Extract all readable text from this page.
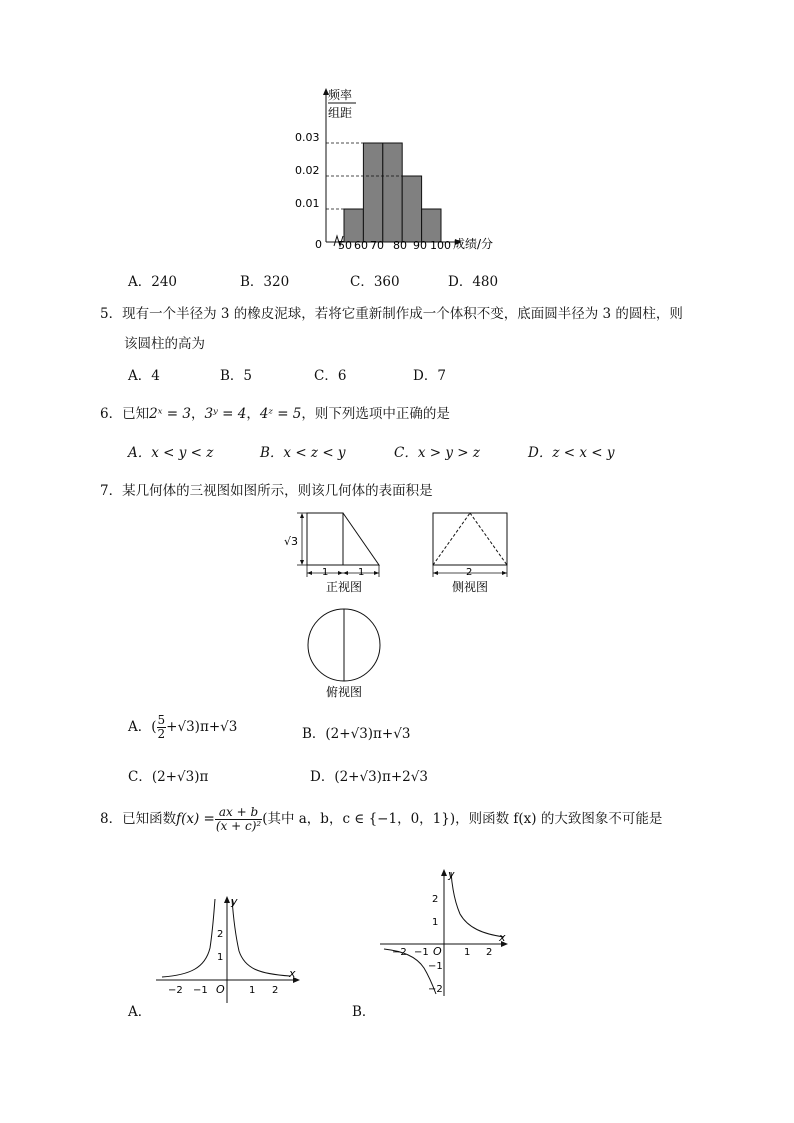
频率
组距
0.03
0.02
0.01
0 50 60 70 80 90 100 成绩/分
A．240	B．320	C．360	D．480
5．现有一个半径为 3 的橡皮泥球，若将它重新制作成一个体积不变，底面圆半径为 3 的圆柱，则
该圆柱的高为
A．4	B．5	C．6	D．7
6．已知2ˣ = 3，3ʸ = 4，4ᶻ = 5，则下列选项中正确的是
A．x < y < z	B．x < z < y	C．x > y > z	D．z < x < y
7．某几何体的三视图如图所示，则该几何体的表面积是
√3
1	1
正视图
2
侧视图
俯视图
A．( $\frac{5}{2} +√3)\pi+√3$	B．(2+√3)π+√3
C．(2+√3)π	D．(2+√3)π+2√3
8．已知函数$f(x) = \frac{ax + b}{\text{(x + c)²}}$ (其中 a，b，c ∈ {−1，0，1})，则函数 f(x) 的大致图象不可能是
x
y
O
−2 −1	1 2
2
1
A．
x
y
O
−2 −1	1 2
2
1
−1
−2
B．
